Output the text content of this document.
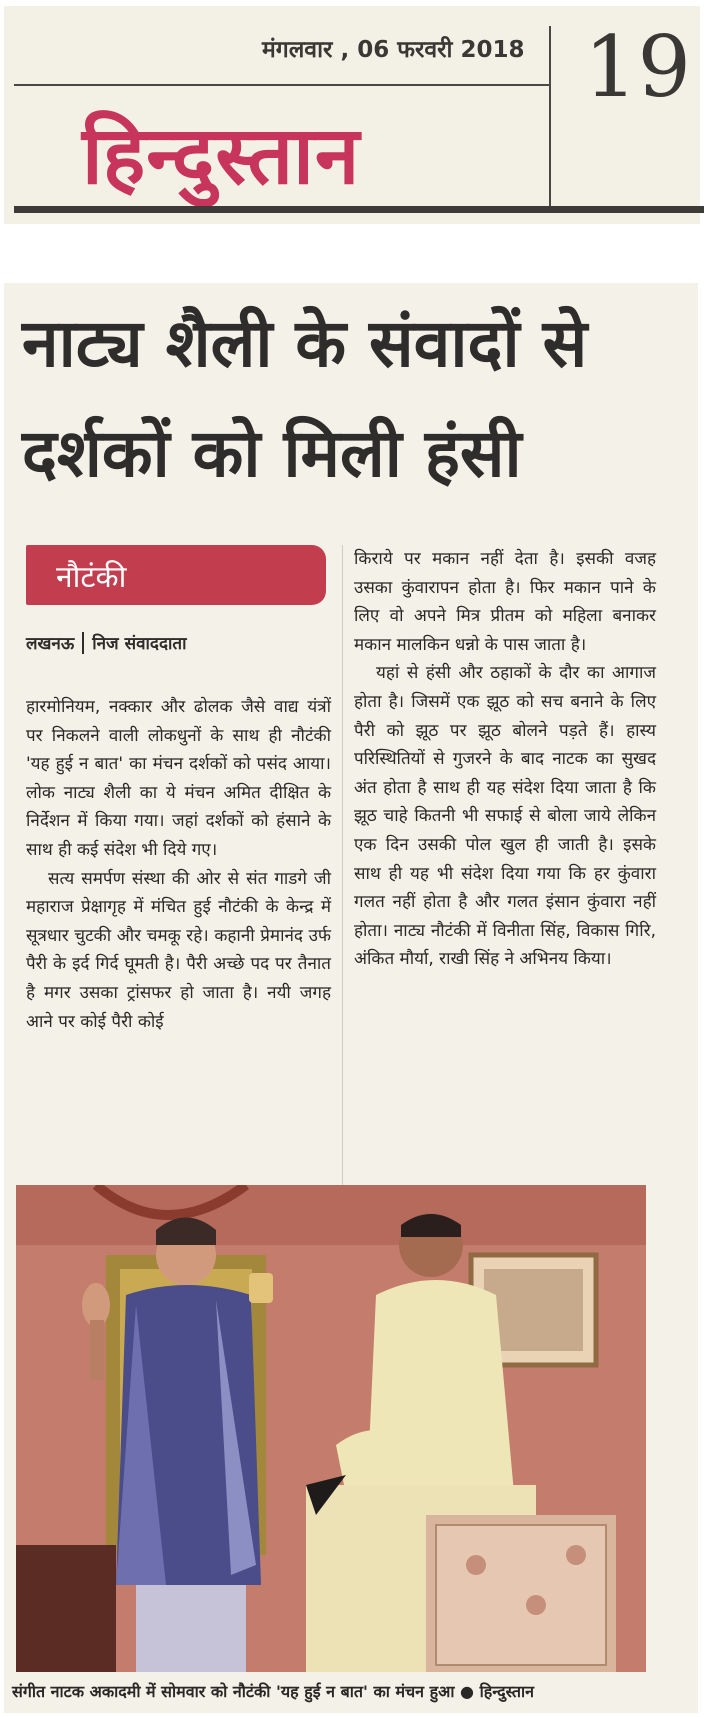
मंगलवार , 06 फरवरी 2018 19
हिन्दुस्तान
नाट्य शैली के संवादों से
दर्शकों को मिली हंसी
नौटंकी
लखनऊ निज संवाददाता

हारमोनियम, नक्कार और ढोलक जैसे वाद्य यंत्रों पर निकलने वाली लोकधुनों के साथ ही नौटंकी 'यह हुई न बात' का मंचन दर्शकों को पसंद आया। लोक नाट्य शैली का ये मंचन अमित दीक्षित के निर्देशन में किया गया। जहां दर्शकों को हंसाने के साथ ही कई संदेश भी दिये गए।

सत्य समर्पण संस्था की ओर से संत गाडगे जी महाराज प्रेक्षागृह में मंचित हुई नौटंकी के केन्द्र में सूत्रधार चुटकी और चमकू रहे। कहानी प्रेमानंद उर्फ पैरी के इर्द गिर्द घूमती है। पैरी अच्छे पद पर तैनात है मगर उसका ट्रांसफर हो जाता है। नयी जगह आने पर कोई पैरी कोई

किराये पर मकान नहीं देता है। इसकी वजह उसका कुंवारापन होता है। फिर मकान पाने के लिए वो अपने मित्र प्रीतम को महिला बनाकर मकान मालकिन धन्नो के पास जाता है।

यहां से हंसी और ठहाकों के दौर का आगाज होता है। जिसमें एक झूठ को सच बनाने के लिए पैरी को झूठ पर झूठ बोलने पड़ते हैं। हास्य परिस्थितियों से गुजरने के बाद नाटक का सुखद अंत होता है साथ ही यह संदेश दिया जाता है कि झूठ चाहे कितनी भी सफाई से बोला जाये लेकिन एक दिन उसकी पोल खुल ही जाती है। इसके साथ ही यह भी संदेश दिया गया कि हर कुंवारा गलत नहीं होता है और गलत इंसान कुंवारा नहीं होता। नाट्य नौटंकी में विनीता सिंह, विकास गिरि, अंकित मौर्या, राखी सिंह ने अभिनय किया।

संगीत नाटक अकादमी में सोमवार को नौटंकी 'यह हुई न बात' का मंचन हुआ ● हिन्दुस्तान
